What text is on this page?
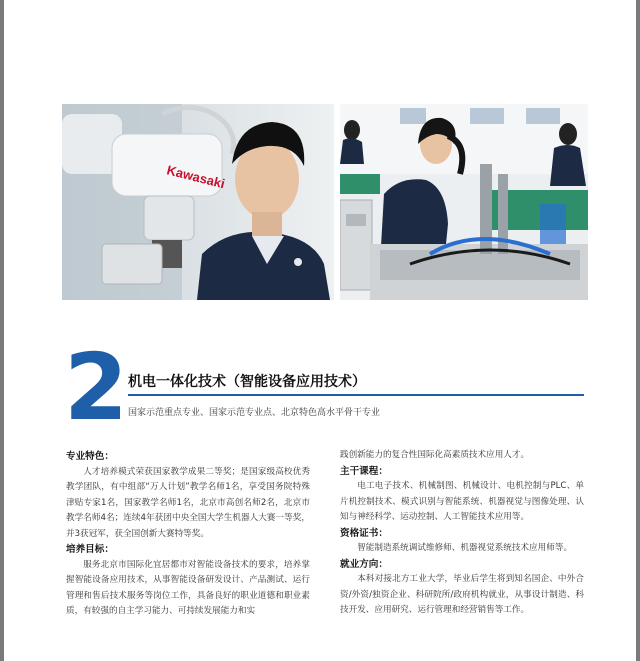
Kawasaki
2 机电一体化技术（智能设备应用技术）
国家示范重点专业、国家示范专业点、北京特色高水平骨干专业
专业特色：
人才培养模式荣获国家教学成果二等奖；是国家级高校优秀教学团队，有中组部“万人计划”教学名师1名，享受国务院特殊津贴专家1名，国家教学名师1名，北京市高创名师2名，北京市教学名师4名；连续4年获团中央全国大学生机器人大赛一等奖，并3获冠军，获全国创新大赛特等奖。
培养目标：
服务北京市国际化宜居都市对智能设备技术的要求，培养掌握智能设备应用技术，从事智能设备研发设计、产品测试、运行管理和售后技术服务等岗位工作，具备良好的职业道德和职业素质，有较强的自主学习能力、可持续发展能力和实
践创新能力的复合性国际化高素质技术应用人才。
主干课程：
电工电子技术、机械制图、机械设计、电机控制与PLC、单片机控制技术、模式识别与智能系统、机器视觉与图像处理、认知与神经科学、运动控制、人工智能技术应用等。
资格证书：
智能制造系统调试维修师、机器视觉系统技术应用师等。
就业方向：
本科对接北方工业大学，毕业后学生将到知名国企、中外合资/外资/独资企业、科研院所/政府机构就业，从事设计制造、科技开发、应用研究、运行管理和经营销售等工作。
